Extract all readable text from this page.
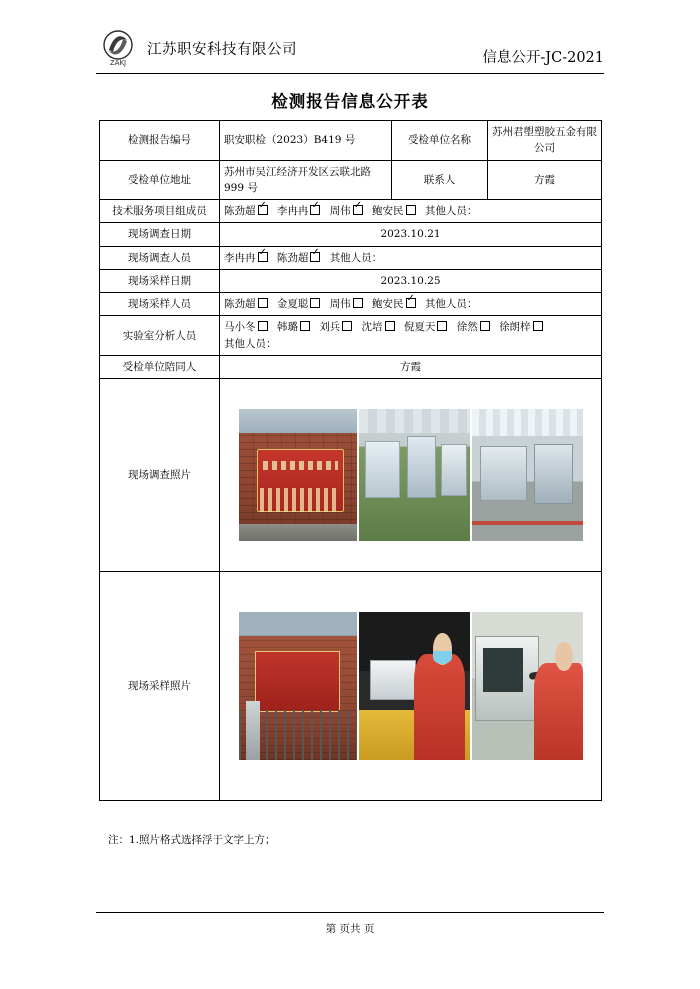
ZAKJ
江苏职安科技有限公司
信息公开-JC-2021
检测报告信息公开表
检测报告编号	职安职检（2023）B419 号	受检单位名称	苏州君塱塑胶五金有限公司
受检单位地址	苏州市吴江经济开发区云联北路 999 号	联系人	方霞
技术服务项目组成员	陈劲超 ✓ 李冉冉 ✓ 周伟 ✓ 鲍安民 其他人员：
现场调查日期	2023.10.21		
现场调查人员	李冉冉 ✓ 陈劲超 ✓ 其他人员：
现场采样日期	2023.10.25		
现场采样人员	陈劲超 金夏聪 周伟 鲍安民 ✓ 其他人员：
实验室分析人员	马小冬 韩璐 刘兵 沈培 倪夏天 徐然 徐朗梓
其他人员：		

受检单位陪同人	方霞		
现场调查照片			

现场采样照片			
注：1.照片格式选择浮于文字上方；
第 页共 页
